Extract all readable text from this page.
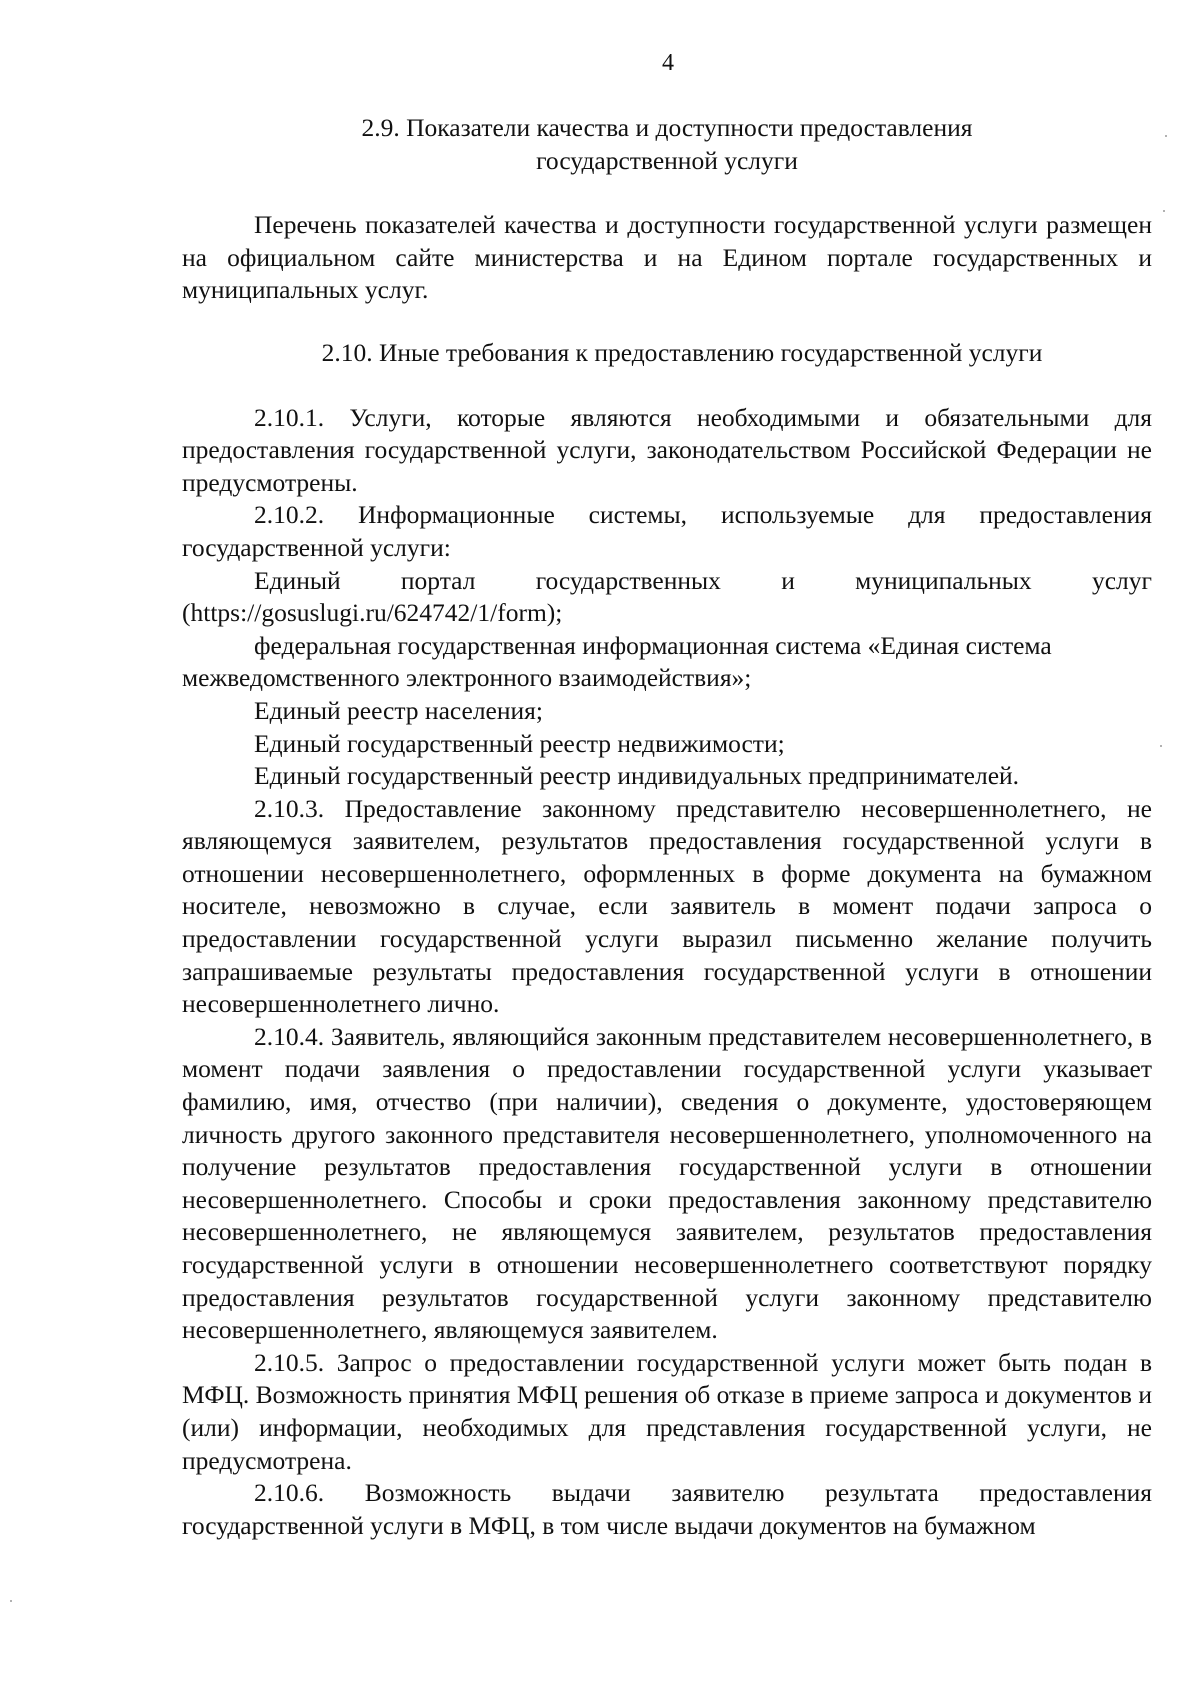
4
2.9. Показатели качества и доступности предоставления
государственной услуги

Перечень показателей качества и доступности государственной услуги размещен на официальном сайте министерства и на Едином портале государственных и муниципальных услуг.

2.10. Иные требования к предоставлению государственной услуги

2.10.1. Услуги, которые являются необходимыми и обязательными для предоставления государственной услуги, законодательством Российской Федерации не предусмотрены.

2.10.2. Информационные системы, используемые для предоставления государственной услуги:

Единый портал государственных и муниципальных услуг

(https://gosuslugi.ru/624742/1/form);

федеральная государственная информационная система «Единая система межведомственного электронного взаимодействия»;

Единый реестр населения;

Единый государственный реестр недвижимости;

Единый государственный реестр индивидуальных предпринимателей.

2.10.3. Предоставление законному представителю несовершеннолетнего, не являющемуся заявителем, результатов предоставления государственной услуги в отношении несовершеннолетнего, оформленных в форме документа на бумажном носителе, невозможно в случае, если заявитель в момент подачи запроса о предоставлении государственной услуги выразил письменно желание получить запрашиваемые результаты предоставления государственной услуги в отношении несовершеннолетнего лично.

2.10.4. Заявитель, являющийся законным представителем несовершеннолетнего, в момент подачи заявления о предоставлении государственной услуги указывает фамилию, имя, отчество (при наличии), сведения о документе, удостоверяющем личность другого законного представителя несовершеннолетнего, уполномоченного на получение результатов предоставления государственной услуги в отношении несовершеннолетнего. Способы и сроки предоставления законному представителю несовершеннолетнего, не являющемуся заявителем, результатов предоставления государственной услуги в отношении несовершеннолетнего соответствуют порядку предоставления результатов государственной услуги законному представителю несовершеннолетнего, являющемуся заявителем.

2.10.5. Запрос о предоставлении государственной услуги может быть подан в МФЦ. Возможность принятия МФЦ решения об отказе в приеме запроса и документов и (или) информации, необходимых для представления государственной услуги, не предусмотрена.

2.10.6. Возможность выдачи заявителю результата предоставления государственной услуги в МФЦ, в том числе выдачи документов на бумажном
